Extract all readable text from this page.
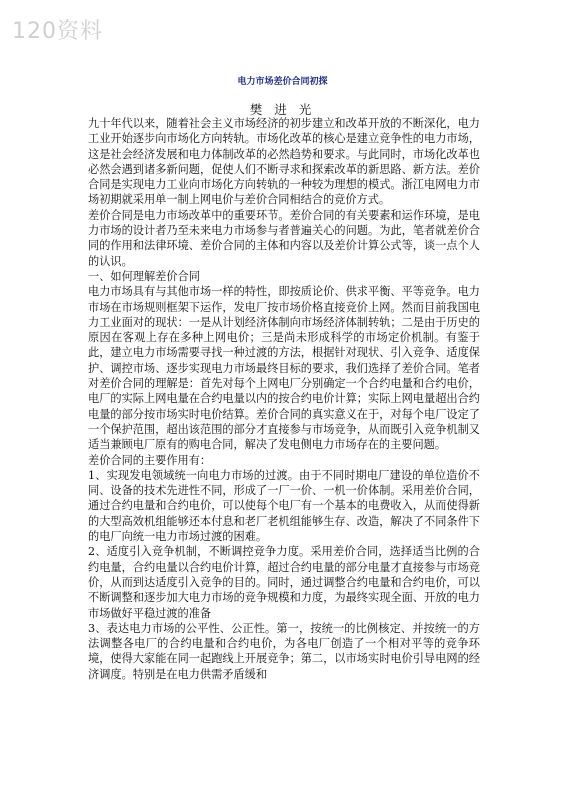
120资料
电力市场差价合同初探
樊 进 光

九十年代以来，随着社会主义市场经济的初步建立和改革开放的不断深化，电力工业开始逐步向市场化方向转轨。市场化改革的核心是建立竞争性的电力市场，这是社会经济发展和电力体制改革的必然趋势和要求。与此同时，市场化改革也必然会遇到诸多新问题，促使人们不断寻求和探索改革的新思路、新方法。差价合同是实现电力工业向市场化方向转轨的一种较为理想的模式。浙江电网电力市场初期就采用单一制上网电价与差价合同相结合的竞价方式。

差价合同是电力市场改革中的重要环节。差价合同的有关要素和运作环境，是电力市场的设计者乃至未来电力市场参与者普遍关心的问题。为此，笔者就差价合同的作用和法律环境、差价合同的主体和内容以及差价计算公式等，谈一点个人的认识。

一、如何理解差价合同

电力市场具有与其他市场一样的特性，即按质论价、供求平衡、平等竞争。电力市场在市场规则框架下运作，发电厂按市场价格直接竞价上网。然而目前我国电力工业面对的现状：一是从计划经济体制向市场经济体制转轨；二是由于历史的原因在客观上存在多种上网电价；三是尚未形成科学的市场定价机制。有鉴于此，建立电力市场需要寻找一种过渡的方法，根据针对现状、引入竞争、适度保护、调控市场、逐步实现电力市场最终目标的要求，我们选择了差价合同。笔者对差价合同的理解是：首先对每个上网电厂分别确定一个合约电量和合约电价，电厂的实际上网电量在合约电量以内的按合约电价计算；实际上网电量超出合约电量的部分按市场实时电价结算。差价合同的真实意义在于，对每个电厂设定了一个保护范围，超出该范围的部分才直接参与市场竞争，从而既引入竞争机制又适当兼顾电厂原有的购电合同，解决了发电侧电力市场存在的主要问题。

差价合同的主要作用有：

1、实现发电领域统一向电力市场的过渡。由于不同时期电厂建设的单位造价不同、设备的技术先进性不同，形成了一厂一价、一机一价体制。采用差价合同，通过合约电量和合约电价，可以使每个电厂有一个基本的电费收入，从而使得新的大型高效机组能够还本付息和老厂老机组能够生存、改造，解决了不同条件下的电厂向统一电力市场过渡的困难。

2、适度引入竞争机制，不断调控竞争力度。采用差价合同，选择适当比例的合约电量，合约电量以合约电价计算，超过合约电量的部分电量才直接参与市场竞价，从而到达适度引入竞争的目的。同时，通过调整合约电量和合约电价，可以不断调整和逐步加大电力市场的竞争规模和力度，为最终实现全面、开放的电力市场做好平稳过渡的准备

3、表达电力市场的公平性、公正性。第一，按统一的比例核定、并按统一的方法调整各电厂的合约电量和合约电价，为各电厂创造了一个相对平等的竞争环境，使得大家能在同一起跑线上开展竞争；第二，以市场实时电价引导电网的经济调度。特别是在电力供需矛盾缓和
